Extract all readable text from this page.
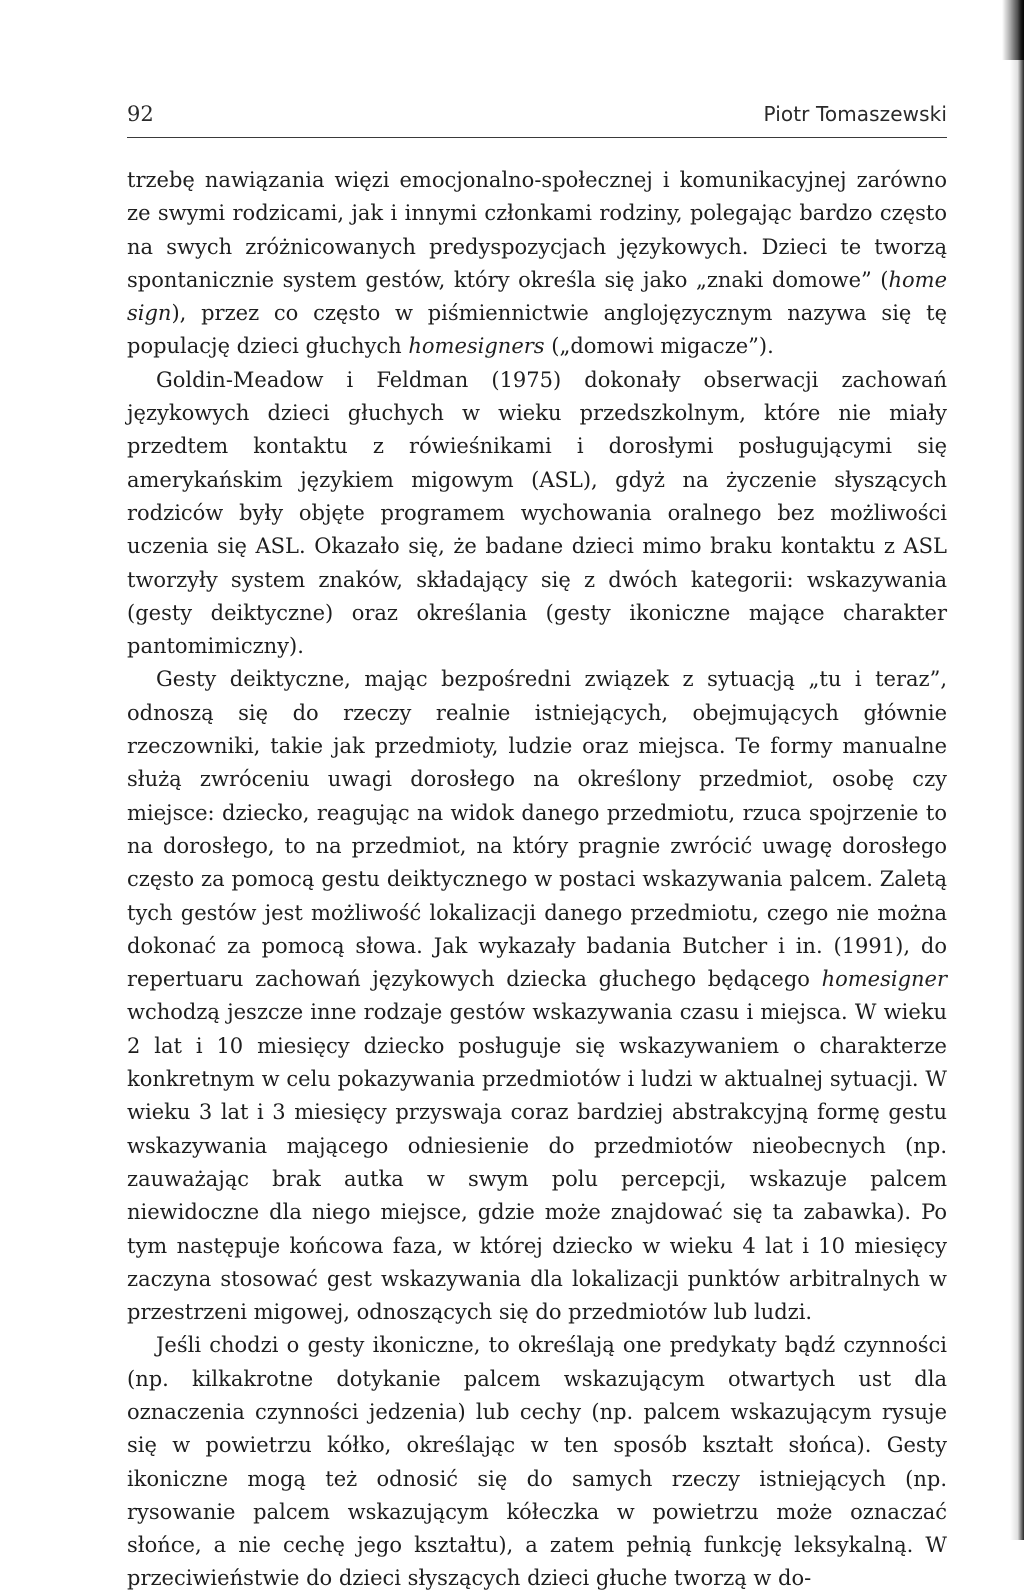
92	Piotr Tomaszewski

trzebę nawiązania więzi emocjonalno-społecznej i komunikacyjnej zarówno ze swymi rodzicami, jak i innymi członkami rodziny, polegając bardzo często na swych zróżnicowanych predyspozycjach językowych. Dzieci te tworzą spontanicznie system gestów, który określa się jako „znaki domowe” (home sign), przez co często w piśmiennictwie anglojęzycznym nazywa się tę populację dzieci głuchych homesigners („domowi migacze”).

Goldin-Meadow i Feldman (1975) dokonały obserwacji zachowań językowych dzieci głuchych w wieku przedszkolnym, które nie miały przedtem kontaktu z rówieśnikami i dorosłymi posługującymi się amerykańskim językiem migowym (ASL), gdyż na życzenie słyszących rodziców były objęte programem wychowania oralnego bez możliwości uczenia się ASL. Okazało się, że badane dzieci mimo braku kontaktu z ASL tworzyły system znaków, składający się z dwóch kategorii: wskazywania (gesty deiktyczne) oraz określania (gesty ikoniczne mające charakter pantomimiczny).

Gesty deiktyczne, mając bezpośredni związek z sytuacją „tu i teraz”, odnoszą się do rzeczy realnie istniejących, obejmujących głównie rzeczowniki, takie jak przedmioty, ludzie oraz miejsca. Te formy manualne służą zwróceniu uwagi dorosłego na określony przedmiot, osobę czy miejsce: dziecko, reagując na widok danego przedmiotu, rzuca spojrzenie to na dorosłego, to na przedmiot, na który pragnie zwrócić uwagę dorosłego często za pomocą gestu deiktycznego w postaci wskazywania palcem. Zaletą tych gestów jest możliwość lokalizacji danego przedmiotu, czego nie można dokonać za pomocą słowa. Jak wykazały badania Butcher i in. (1991), do repertuaru zachowań językowych dziecka głuchego będącego homesigner wchodzą jeszcze inne rodzaje gestów wskazywania czasu i miejsca. W wieku 2 lat i 10 miesięcy dziecko posługuje się wskazywaniem o charakterze konkretnym w celu pokazywania przedmiotów i ludzi w aktualnej sytuacji. W wieku 3 lat i 3 miesięcy przyswaja coraz bardziej abstrakcyjną formę gestu wskazywania mającego odniesienie do przedmiotów nieobecnych (np. zauważając brak autka w swym polu percepcji, wskazuje palcem niewidoczne dla niego miejsce, gdzie może znajdować się ta zabawka). Po tym następuje końcowa faza, w której dziecko w wieku 4 lat i 10 miesięcy zaczyna stosować gest wskazywania dla lokalizacji punktów arbitralnych w przestrzeni migowej, odnoszących się do przedmiotów lub ludzi.

Jeśli chodzi o gesty ikoniczne, to określają one predykaty bądź czynności (np. kilkakrotne dotykanie palcem wskazującym otwartych ust dla oznaczenia czynności jedzenia) lub cechy (np. palcem wskazującym rysuje się w powietrzu kółko, określając w ten sposób kształt słońca). Gesty ikoniczne mogą też odnosić się do samych rzeczy istniejących (np. rysowanie palcem wskazującym kółeczka w powietrzu może oznaczać słońce, a nie cechę jego kształtu), a zatem pełnią funkcję leksykalną. W przeciwieństwie do dzieci słyszących dzieci głuche tworzą w do-
